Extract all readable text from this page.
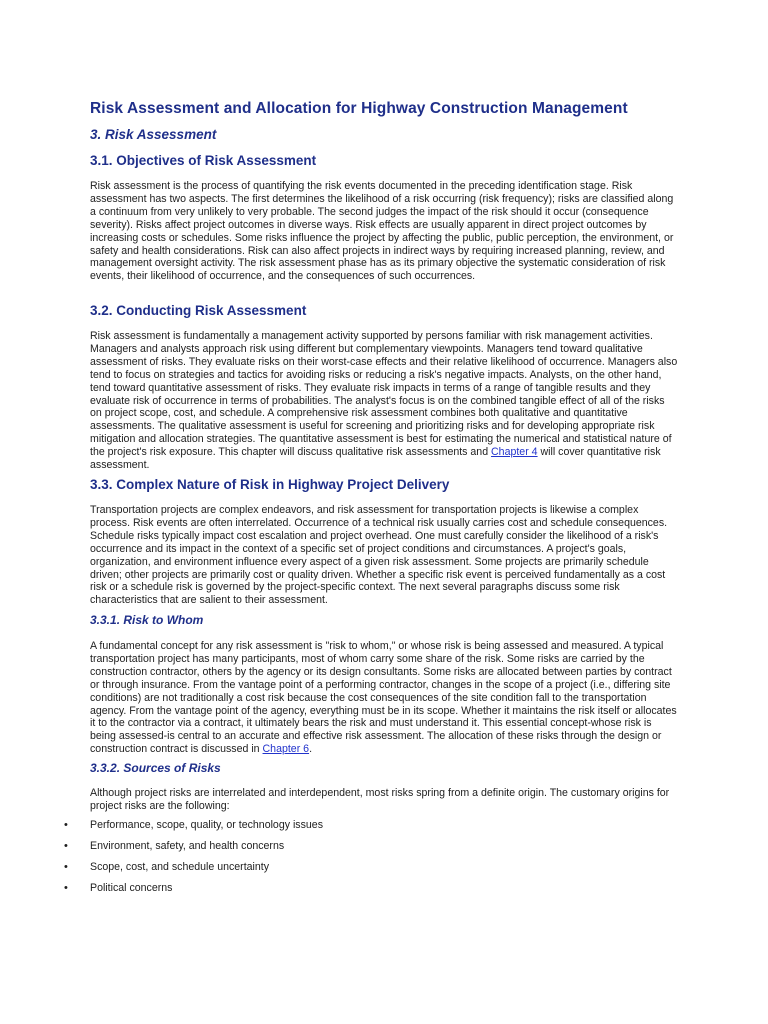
Risk Assessment and Allocation for Highway Construction Management
3. Risk Assessment
3.1. Objectives of Risk Assessment

Risk assessment is the process of quantifying the risk events documented in the preceding identification stage. Risk assessment has two aspects. The first determines the likelihood of a risk occurring (risk frequency); risks are classified along a continuum from very unlikely to very probable. The second judges the impact of the risk should it occur (consequence severity). Risks affect project outcomes in diverse ways. Risk effects are usually apparent in direct project outcomes by increasing costs or schedules. Some risks influence the project by affecting the public, public perception, the environment, or safety and health considerations. Risk can also affect projects in indirect ways by requiring increased planning, review, and management oversight activity. The risk assessment phase has as its primary objective the systematic consideration of risk events, their likelihood of occurrence, and the consequences of such occurrences.

3.2. Conducting Risk Assessment

Risk assessment is fundamentally a management activity supported by persons familiar with risk management activities. Managers and analysts approach risk using different but complementary viewpoints. Managers tend toward qualitative assessment of risks. They evaluate risks on their worst-case effects and their relative likelihood of occurrence. Managers also tend to focus on strategies and tactics for avoiding risks or reducing a risk's negative impacts. Analysts, on the other hand, tend toward quantitative assessment of risks. They evaluate risk impacts in terms of a range of tangible results and they evaluate risk of occurrence in terms of probabilities. The analyst's focus is on the combined tangible effect of all of the risks on project scope, cost, and schedule. A comprehensive risk assessment combines both qualitative and quantitative assessments. The qualitative assessment is useful for screening and prioritizing risks and for developing appropriate risk mitigation and allocation strategies. The quantitative assessment is best for estimating the numerical and statistical nature of the project's risk exposure. This chapter will discuss qualitative risk assessments and Chapter 4 will cover quantitative risk assessment.

3.3. Complex Nature of Risk in Highway Project Delivery

Transportation projects are complex endeavors, and risk assessment for transportation projects is likewise a complex process. Risk events are often interrelated. Occurrence of a technical risk usually carries cost and schedule consequences. Schedule risks typically impact cost escalation and project overhead. One must carefully consider the likelihood of a risk's occurrence and its impact in the context of a specific set of project conditions and circumstances. A project's goals, organization, and environment influence every aspect of a given risk assessment. Some projects are primarily schedule driven; other projects are primarily cost or quality driven. Whether a specific risk event is perceived fundamentally as a cost risk or a schedule risk is governed by the project-specific context. The next several paragraphs discuss some risk characteristics that are salient to their assessment.

3.3.1. Risk to Whom

A fundamental concept for any risk assessment is "risk to whom," or whose risk is being assessed and measured. A typical transportation project has many participants, most of whom carry some share of the risk. Some risks are carried by the construction contractor, others by the agency or its design consultants. Some risks are allocated between parties by contract or through insurance. From the vantage point of a performing contractor, changes in the scope of a project (i.e., differing site conditions) are not traditionally a cost risk because the cost consequences of the site condition fall to the transportation agency. From the vantage point of the agency, everything must be in its scope. Whether it maintains the risk itself or allocates it to the contractor via a contract, it ultimately bears the risk and must understand it. This essential concept-whose risk is being assessed-is central to an accurate and effective risk assessment. The allocation of these risks through the design or construction contract is discussed in Chapter 6.

3.3.2. Sources of Risks

Although project risks are interrelated and interdependent, most risks spring from a definite origin. The customary origins for project risks are the following:

• Performance, scope, quality, or technology issues
• Environment, safety, and health concerns
• Scope, cost, and schedule uncertainty
• Political concerns
